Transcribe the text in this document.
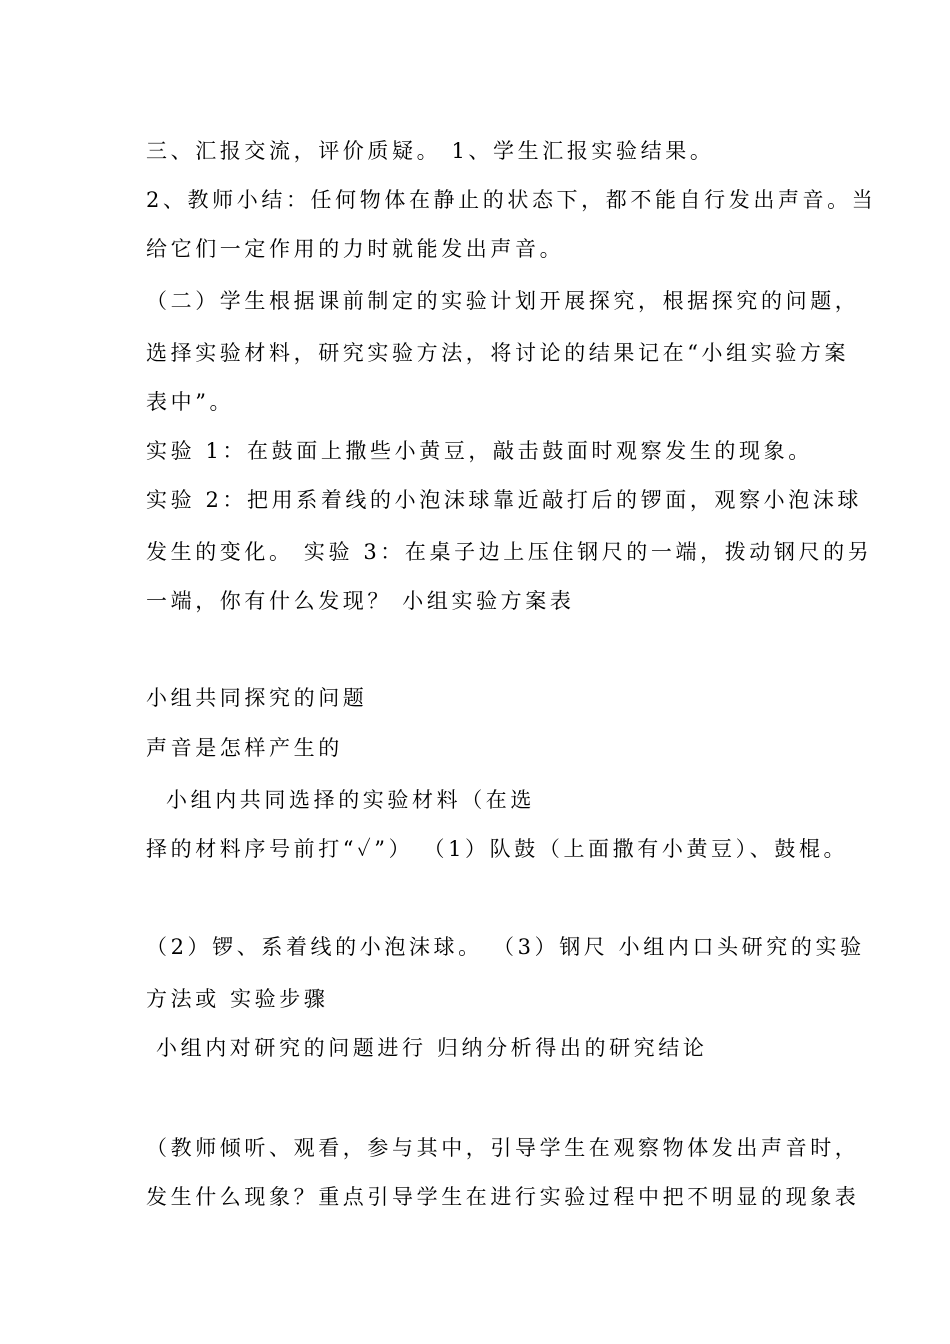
三、汇报交流，评价质疑。 1、学生汇报实验结果。
2、教师小结：任何物体在静止的状态下，都不能自行发出声音。当
给它们一定作用的力时就能发出声音。
（二）学生根据课前制定的实验计划开展探究，根据探究的问题，
选择实验材料，研究实验方法，将讨论的结果记在“小组实验方案
表中”。
实验 1：在鼓面上撒些小黄豆，敲击鼓面时观察发生的现象。
实验 2：把用系着线的小泡沫球靠近敲打后的锣面，观察小泡沫球
发生的变化。 实验 3：在桌子边上压住钢尺的一端，拨动钢尺的另
一端，你有什么发现？ 小组实验方案表
小组共同探究的问题
声音是怎样产生的
小组内共同选择的实验材料（在选
择的材料序号前打“✓”） （1）队鼓（上面撒有小黄豆）、鼓棍。
（2）锣、系着线的小泡沫球。 （3）钢尺 小组内口头研究的实验
方法或 实验步骤
小组内对研究的问题进行 归纳分析得出的研究结论
（教师倾听、观看，参与其中，引导学生在观察物体发出声音时，
发生什么现象？重点引导学生在进行实验过程中把不明显的现象表
